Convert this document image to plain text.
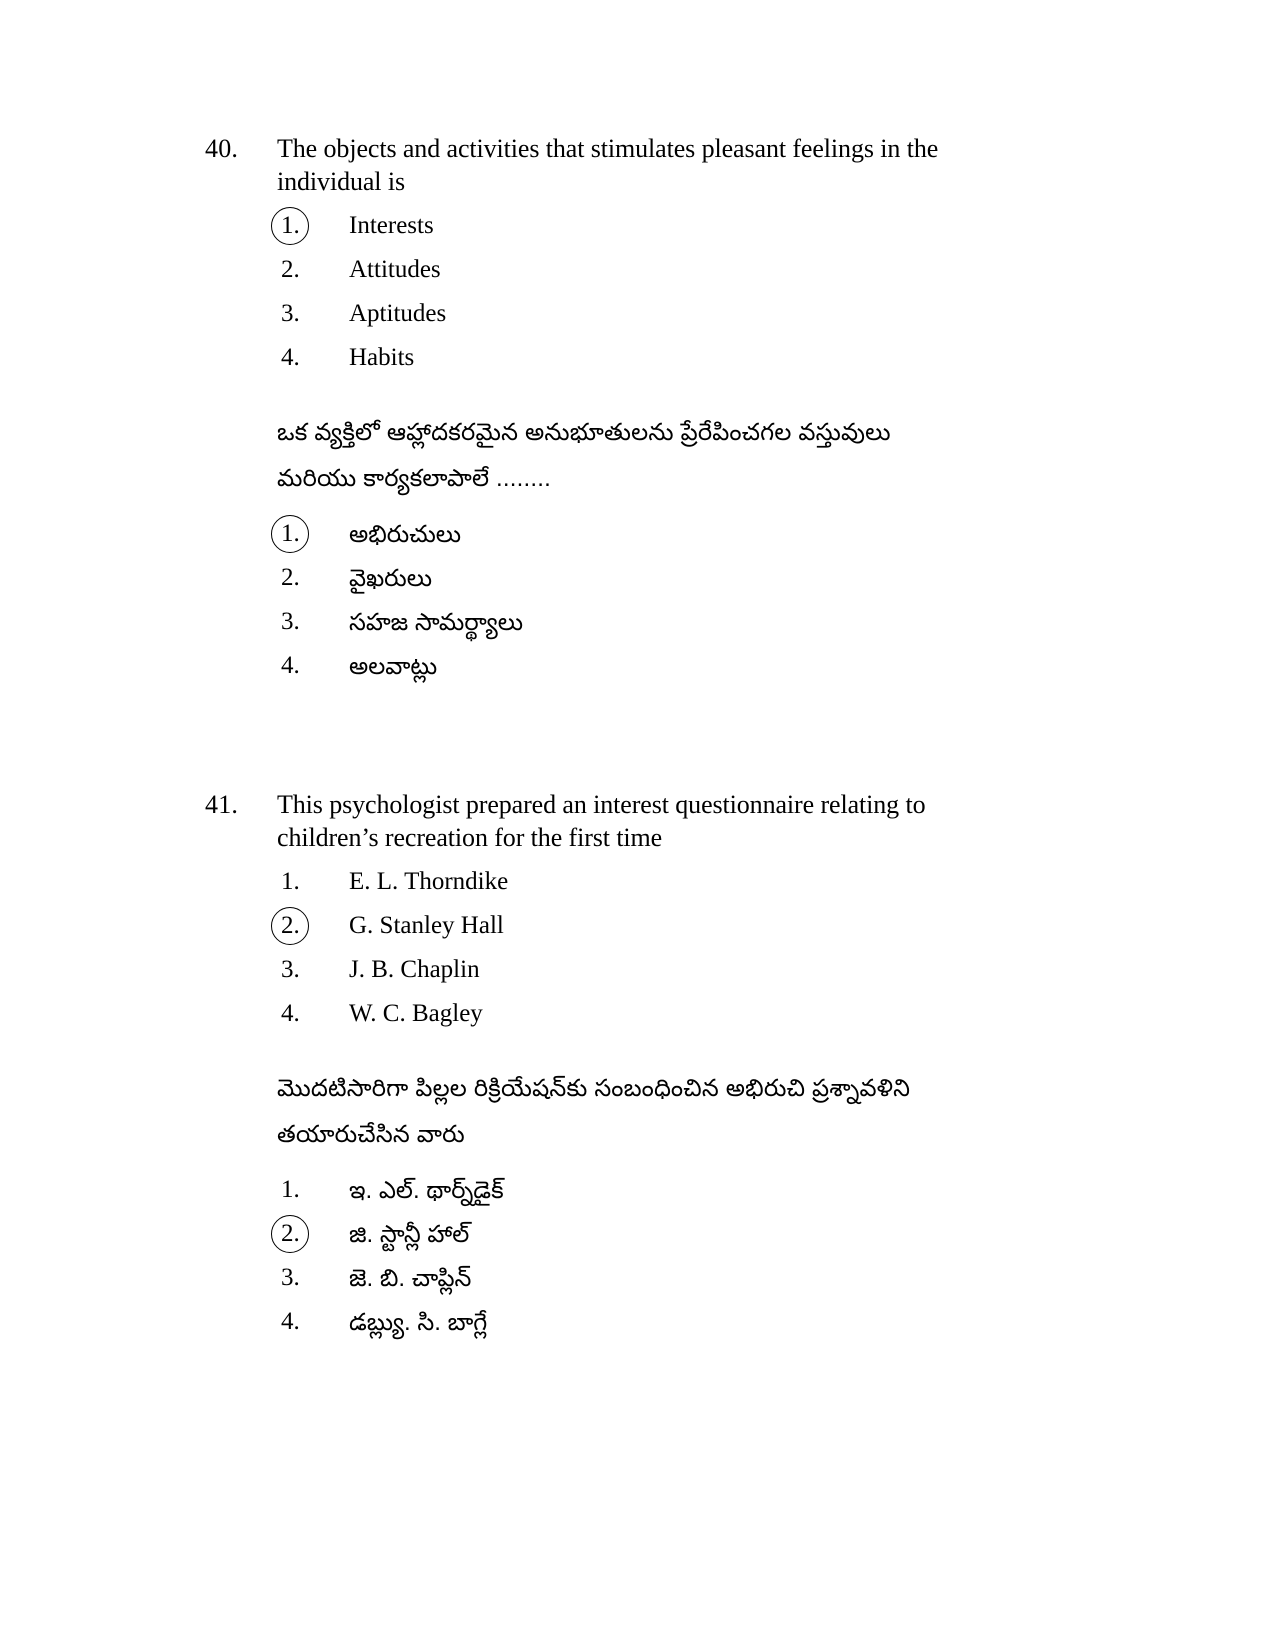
40.	The objects and activities that stimulates pleasant feelings in the individual is
1.	Interests
2.	Attitudes
3.	Aptitudes
4.	Habits
ఒక వ్యక్తిలో ఆహ్లాదకరమైన అనుభూతులను ప్రేరేపించగల వస్తువులు
మరియు కార్యకలాపాలే ........
1.	అభిరుచులు
2.	వైఖరులు
3.	సహజ సామర్థ్యాలు
4.	అలవాట్లు
41.	This psychologist prepared an interest questionnaire relating to children’s recreation for the first time
1.	E. L. Thorndike
2.	G. Stanley Hall
3.	J. B. Chaplin
4.	W. C. Bagley
మొదటిసారిగా పిల్లల రిక్రియేషన్‌కు సంబంధించిన అభిరుచి ప్రశ్నావళిని
తయారుచేసిన వారు
1.	ఇ. ఎల్. థార్న్‌డైక్
2.	జి. స్టాన్లీ హాల్
3.	జె. బి. చాప్లిన్
4.	డబ్ల్యు. సి. బాగ్లే
